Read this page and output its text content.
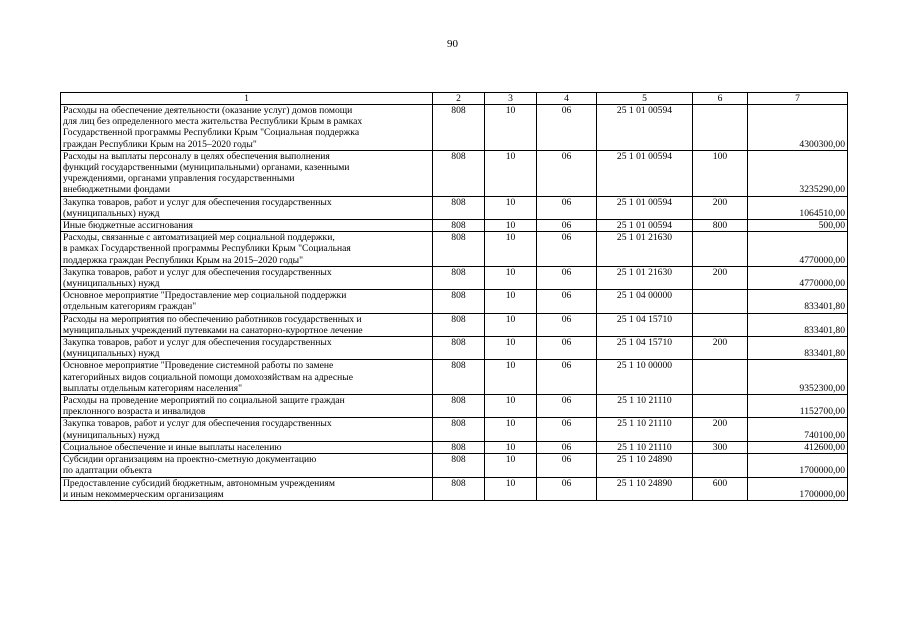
90
1	2	3	4	5	6	7
Расходы на обеспечение деятельности (оказание услуг) домов помощи
для лиц без определенного места жительства Республики Крым в рамках
Государственной программы Республики Крым "Социальная поддержка
граждан Республики Крым на 2015–2020 годы"	808	10	06	25 1 01 00594		4300300,00
Расходы на выплаты персоналу в целях обеспечения выполнения
функций государственными (муниципальными) органами, казенными
учреждениями, органами управления государственными
внебюджетными фондами	808	10	06	25 1 01 00594	100	3235290,00
Закупка товаров, работ и услуг для обеспечения государственных
(муниципальных) нужд	808	10	06	25 1 01 00594	200	1064510,00
Иные бюджетные ассигнования	808	10	06	25 1 01 00594	800	500,00
Расходы, связанные с автоматизацией мер социальной поддержки,
в рамках Государственной программы Республики Крым "Социальная
поддержка граждан Республики Крым на 2015–2020 годы"	808	10	06	25 1 01 21630		4770000,00
Закупка товаров, работ и услуг для обеспечения государственных
(муниципальных) нужд	808	10	06	25 1 01 21630	200	4770000,00
Основное мероприятие "Предоставление мер социальной поддержки
отдельным категориям граждан"	808	10	06	25 1 04 00000		833401,80
Расходы на мероприятия по обеспечению работников государственных и
муниципальных учреждений путевками на санаторно-курортное лечение	808	10	06	25 1 04 15710		833401,80
Закупка товаров, работ и услуг для обеспечения государственных
(муниципальных) нужд	808	10	06	25 1 04 15710	200	833401,80
Основное мероприятие "Проведение системной работы по замене
категорийных видов социальной помощи домохозяйствам на адресные
выплаты отдельным категориям населения"	808	10	06	25 1 10 00000		9352300,00
Расходы на проведение мероприятий по социальной защите граждан
преклонного возраста и инвалидов	808	10	06	25 1 10 21110		1152700,00
Закупка товаров, работ и услуг для обеспечения государственных
(муниципальных) нужд	808	10	06	25 1 10 21110	200	740100,00
Социальное обеспечение и иные выплаты населению	808	10	06	25 1 10 21110	300	412600,00
Субсидии организациям на проектно-сметную документацию
по адаптации объекта	808	10	06	25 1 10 24890		1700000,00
Предоставление субсидий бюджетным, автономным учреждениям
и иным некоммерческим организациям	808	10	06	25 1 10 24890	600	1700000,00
